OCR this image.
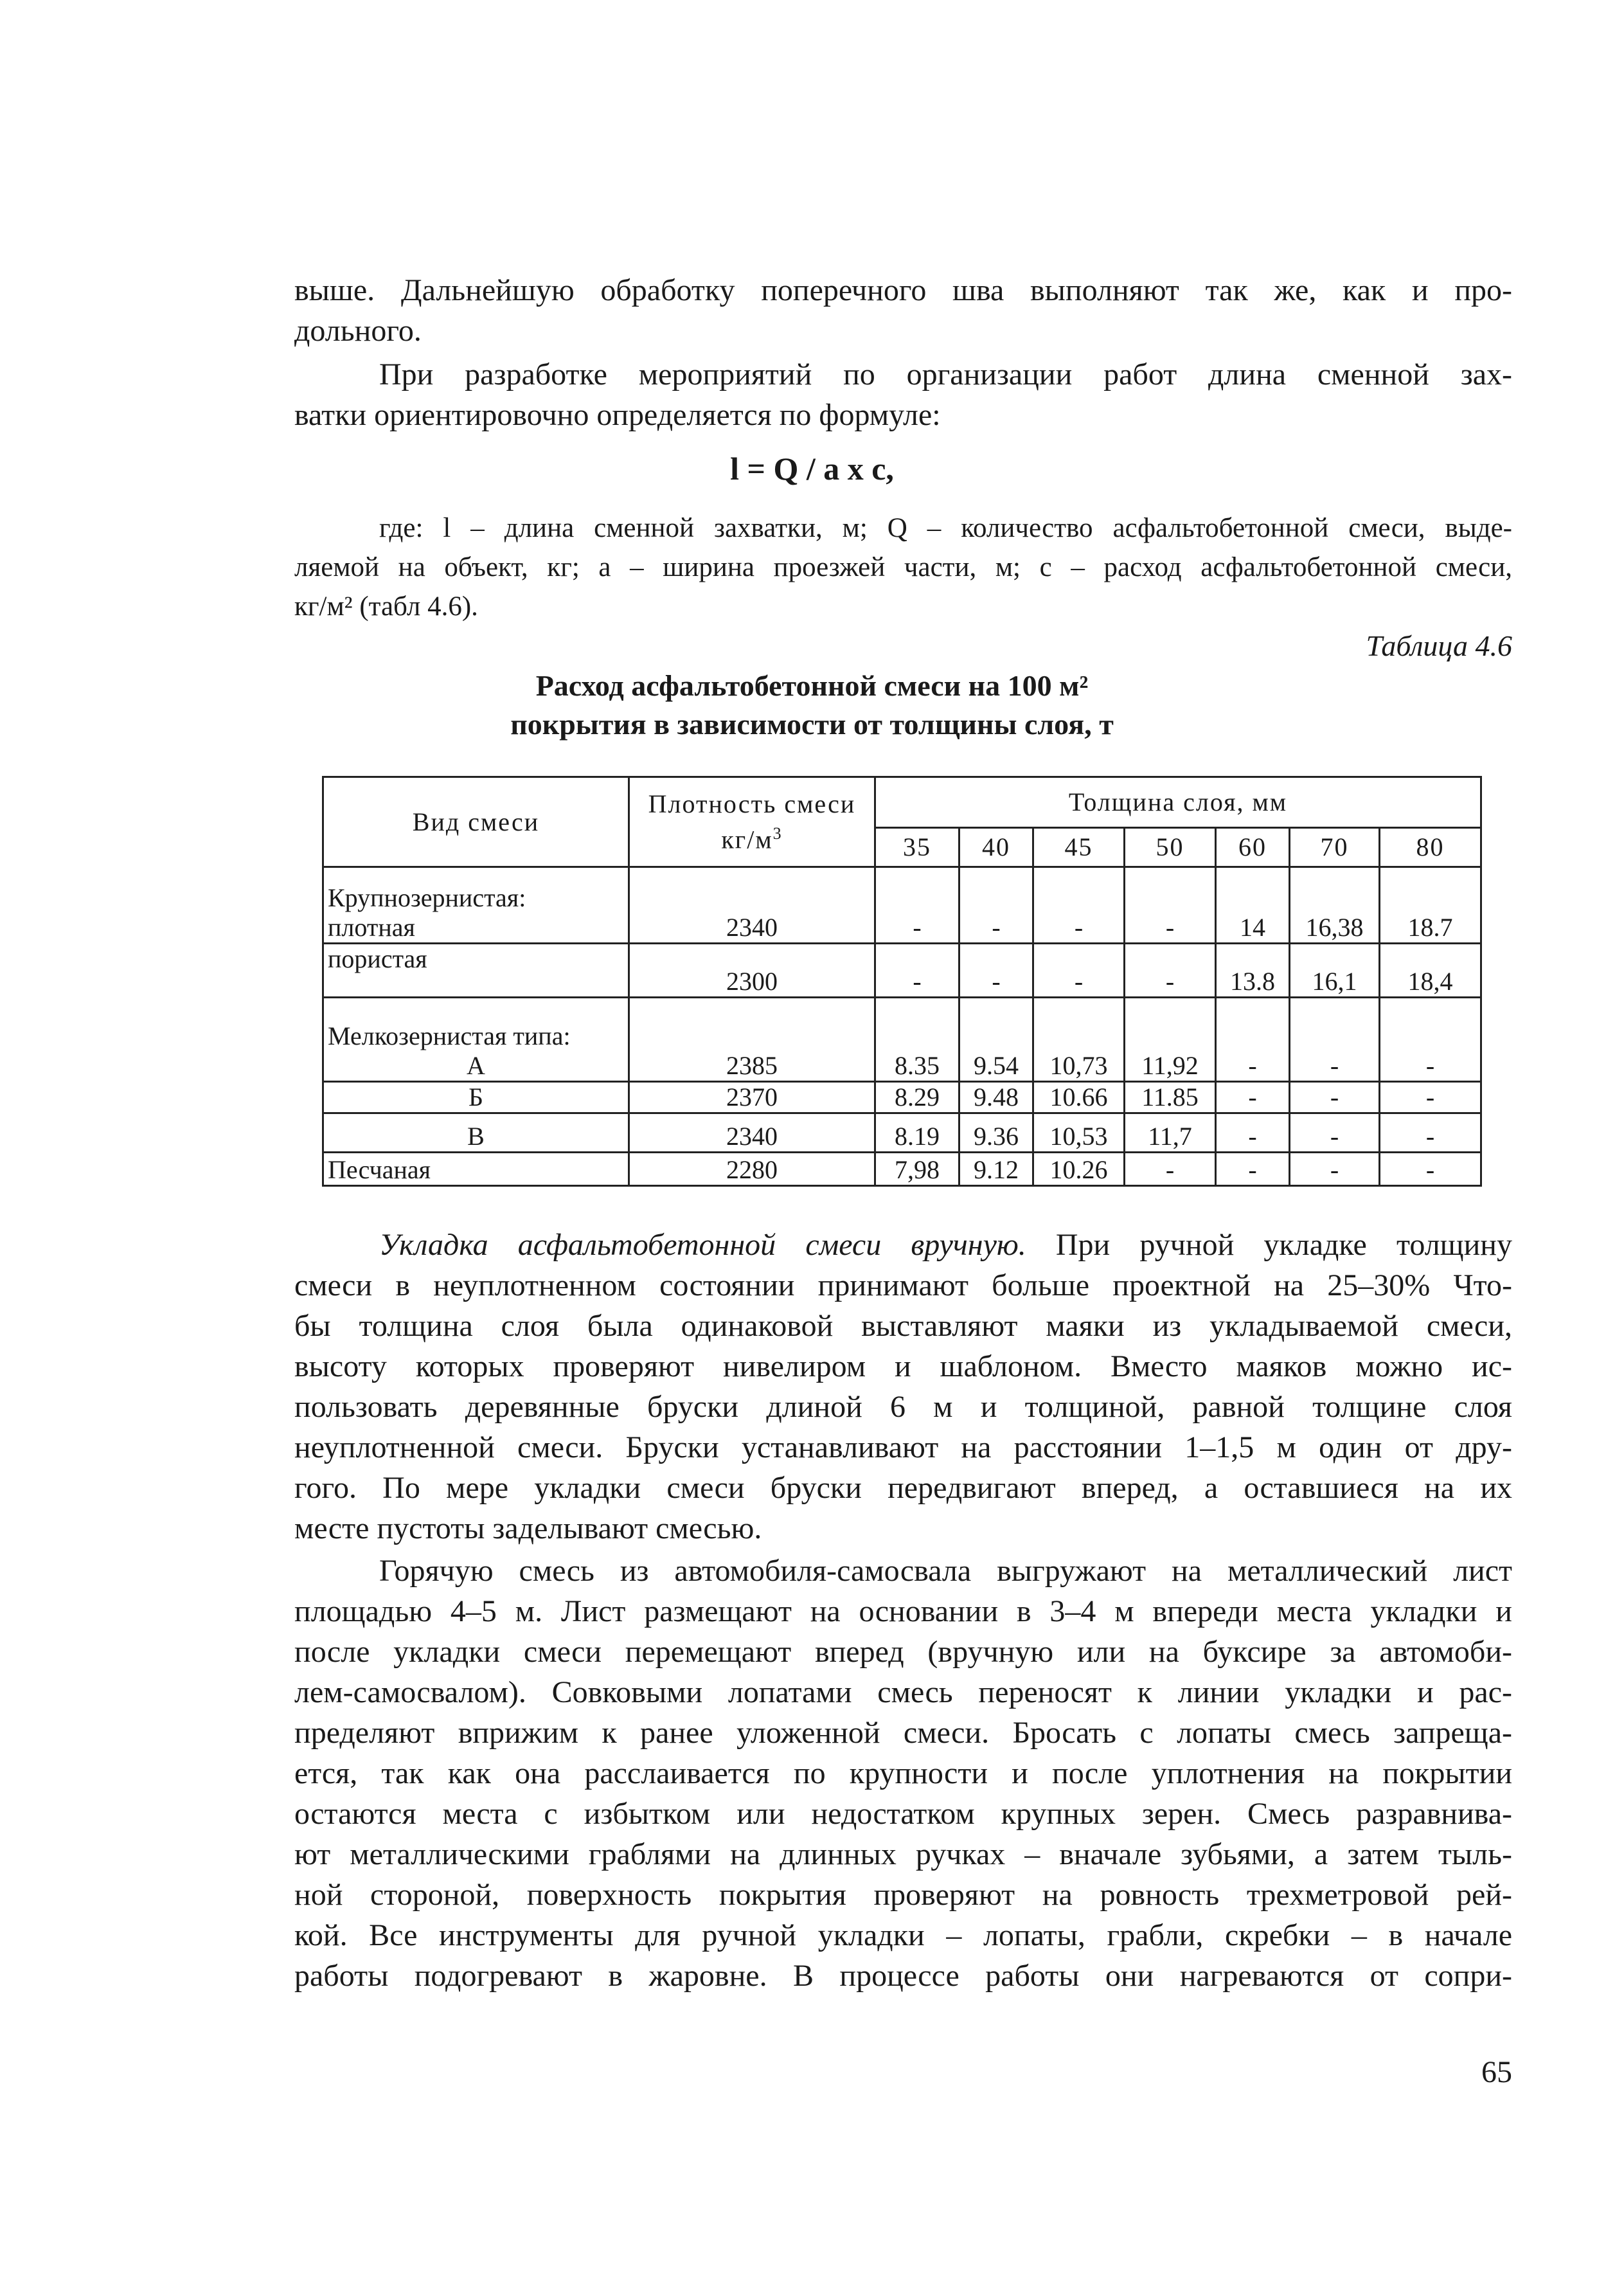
выше. Дальнейшую обработку поперечного шва выполняют так же, как и про-
дольного.
При разработке мероприятий по организации работ длина сменной зах-
ватки ориентировочно определяется по формуле:
l = Q / a x c,
где: l – длина сменной захватки, м; Q – количество асфальтобетонной смеси, выде-
ляемой на объект, кг; а – ширина проезжей части, м; с – расход асфальтобетонной смеси,
кг/м² (табл 4.6).
Таблица 4.6
Расход асфальтобетонной смеси на 100 м²
покрытия в зависимости от толщины слоя, т
Вид смеси	Плотность смеси $кг/м^3$	Толщина слоя, мм						
		35	40	45	50	60	70	80

Крупнозернистая:
плотная	2340	-	-	-	-	14	16,38	18.7

пористая	2300	-	-	-	-	13.8	16,1	18,4

Мелкозернистая типа:
А	2385	8.35	9.54	10,73	11,92	-	-	-

Б	2370	8.29	9.48	10.66	11.85	-	-	-

В	2340	8.19	9.36	10,53	11,7	-	-	-

Песчаная	2280	7,98	9.12	10.26	-	-	-	-
Укладка асфальтобетонной смеси вручную. При ручной укладке толщину
смеси в неуплотненном состоянии принимают больше проектной на 25–30% Что-
бы толщина слоя была одинаковой выставляют маяки из укладываемой смеси,
высоту которых проверяют нивелиром и шаблоном. Вместо маяков можно ис-
пользовать деревянные бруски длиной 6 м и толщиной, равной толщине слоя
неуплотненной смеси. Бруски устанавливают на расстоянии 1–1,5 м один от дру-
гого. По мере укладки смеси бруски передвигают вперед, а оставшиеся на их
месте пустоты заделывают смесью.
Горячую смесь из автомобиля-самосвала выгружают на металлический лист
площадью 4–5 м. Лист размещают на основании в 3–4 м впереди места укладки и
после укладки смеси перемещают вперед (вручную или на буксире за автомоби-
лем-самосвалом). Совковыми лопатами смесь переносят к линии укладки и рас-
пределяют вприжим к ранее уложенной смеси. Бросать с лопаты смесь запреща-
ется, так как она расслаивается по крупности и после уплотнения на покрытии
остаются места с избытком или недостатком крупных зерен. Смесь разравнива-
ют металлическими граблями на длинных ручках – вначале зубьями, а затем тыль-
ной стороной, поверхность покрытия проверяют на ровность трехметровой рей-
кой. Все инструменты для ручной укладки – лопаты, грабли, скребки – в начале
работы подогревают в жаровне. В процессе работы они нагреваются от сопри-
65
